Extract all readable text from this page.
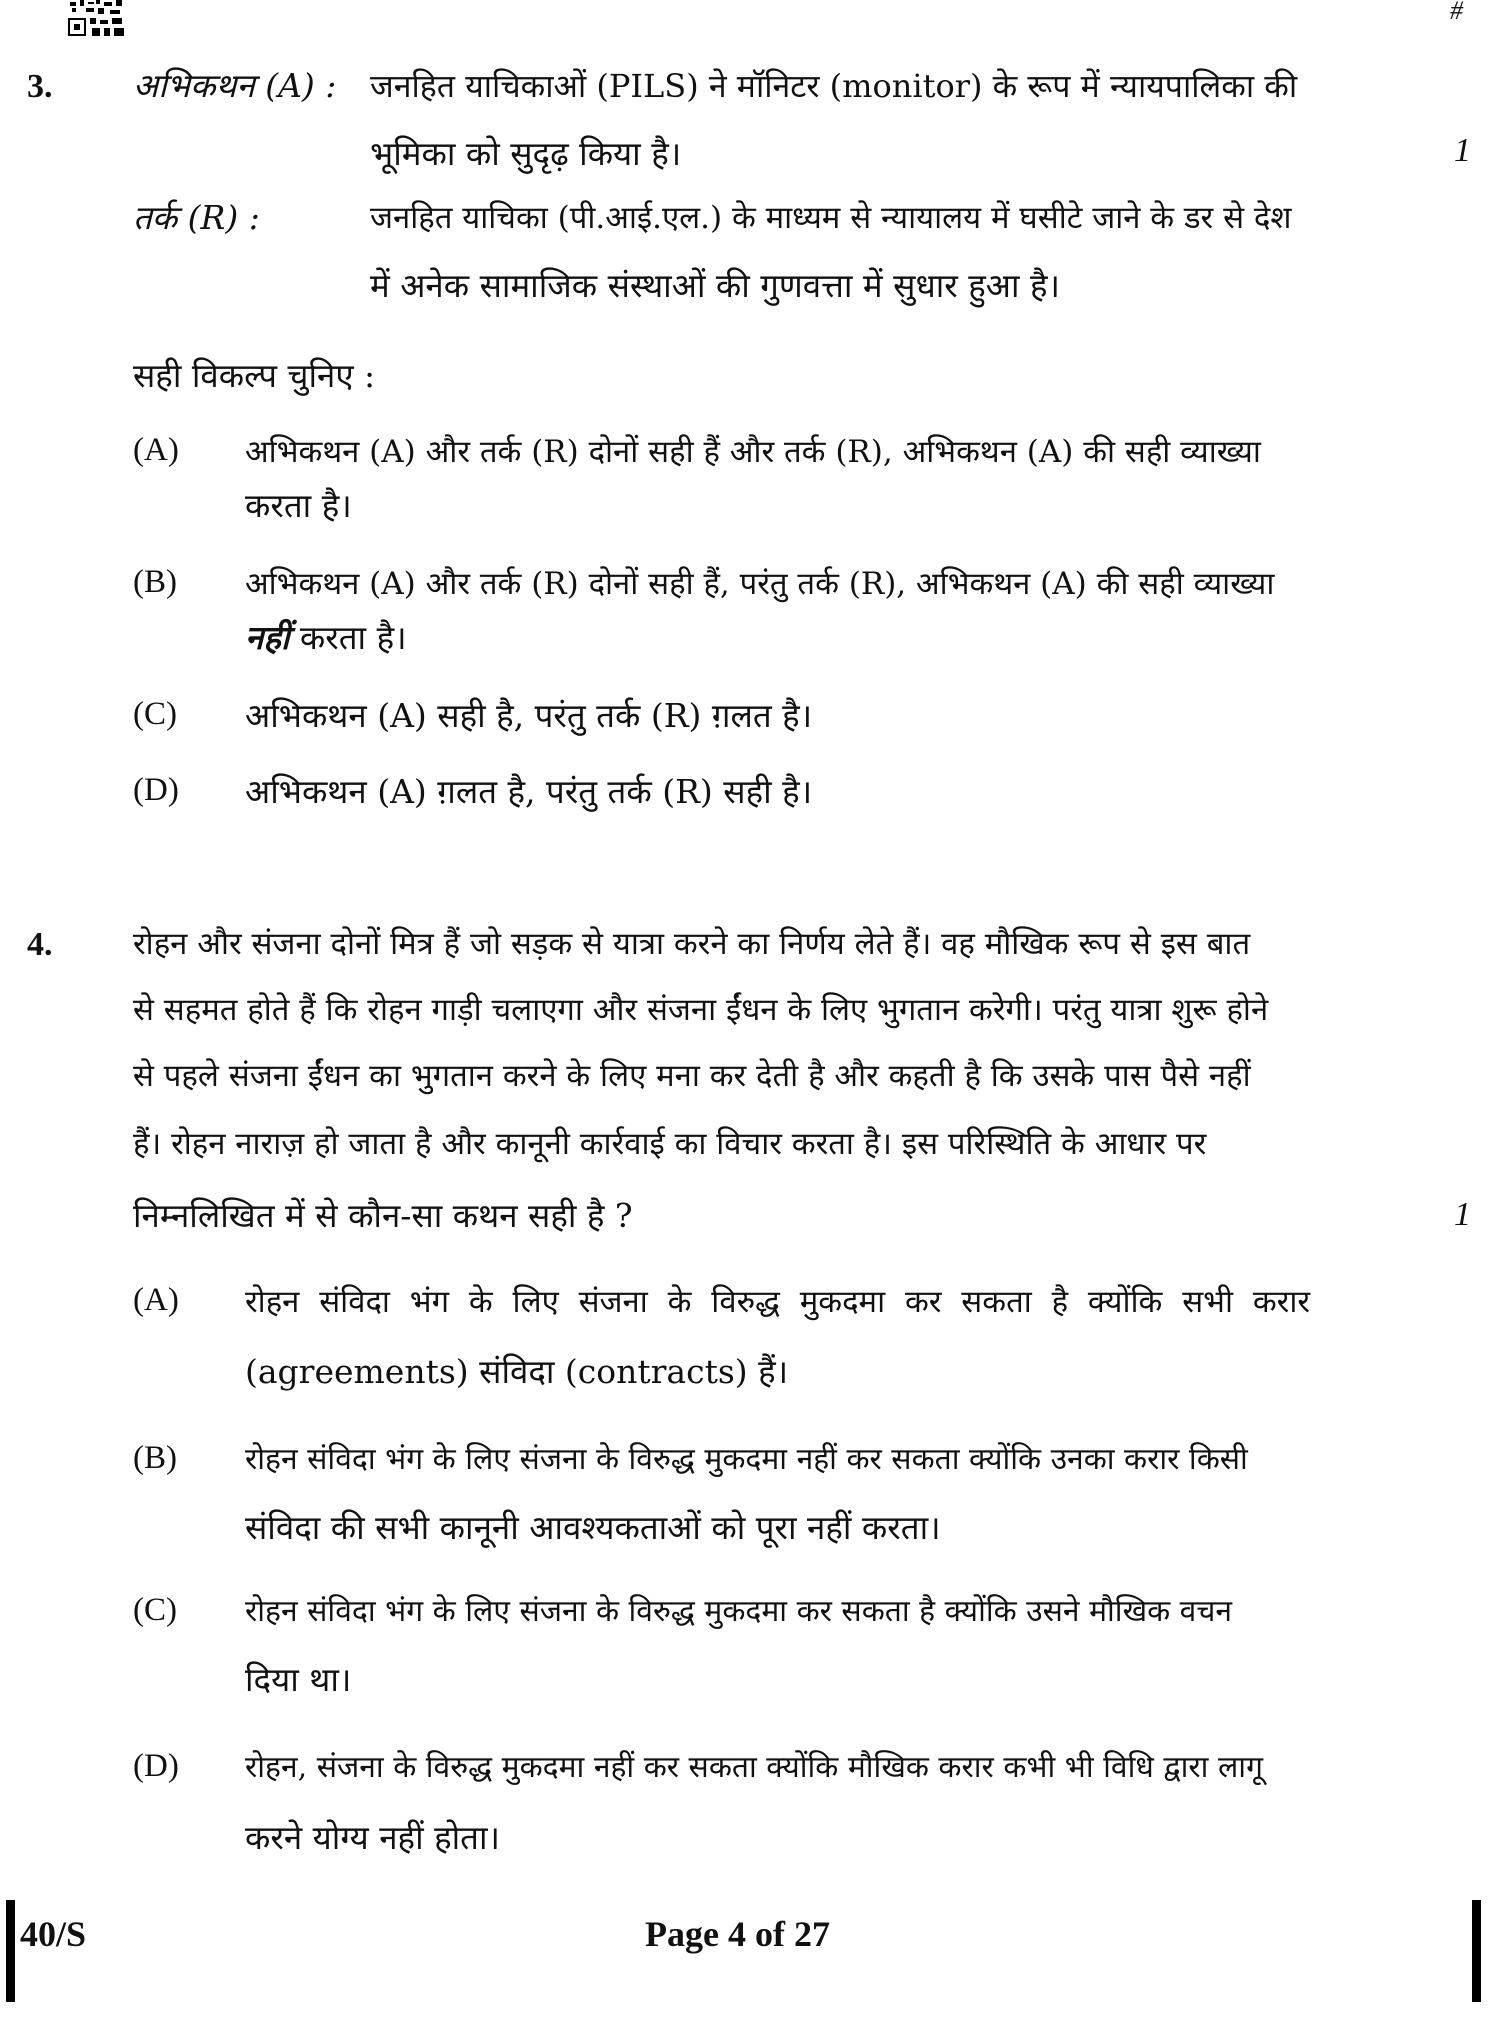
#
3. अभिकथन (A) : जनहित याचिकाओं (PILS) ने मॉनिटर (monitor) के रूप में न्यायपालिका की
भूमिका को सुदृढ़ किया है।	1
तर्क (R) :	जनहित याचिका (पी.आई.एल.) के माध्यम से न्यायालय में घसीटे जाने के डर से देश
में अनेक सामाजिक संस्थाओं की गुणवत्ता में सुधार हुआ है।
सही विकल्प चुनिए :
(A) अभिकथन (A) और तर्क (R) दोनों सही हैं और तर्क (R), अभिकथन (A) की सही व्याख्या
करता है।
(B) अभिकथन (A) और तर्क (R) दोनों सही हैं, परंतु तर्क (R), अभिकथन (A) की सही व्याख्या
नहीं करता है।
(C) अभिकथन (A) सही है, परंतु तर्क (R) ग़लत है।
(D) अभिकथन (A) ग़लत है, परंतु तर्क (R) सही है।
4.	रोहन और संजना दोनों मित्र हैं जो सड़क से यात्रा करने का निर्णय लेते हैं। वह मौखिक रूप से इस बात
से सहमत होते हैं कि रोहन गाड़ी चलाएगा और संजना ईंधन के लिए भुगतान करेगी। परंतु यात्रा शुरू होने
से पहले संजना ईंधन का भुगतान करने के लिए मना कर देती है और कहती है कि उसके पास पैसे नहीं
हैं। रोहन नाराज़ हो जाता है और कानूनी कार्रवाई का विचार करता है। इस परिस्थिति के आधार पर
निम्नलिखित में से कौन-सा कथन सही है ?	1
(A) रोहन संविदा भंग के लिए संजना के विरुद्ध मुकदमा कर सकता है क्योंकि सभी करार
(agreements) संविदा (contracts) हैं।
(B) रोहन संविदा भंग के लिए संजना के विरुद्ध मुकदमा नहीं कर सकता क्योंकि उनका करार किसी
संविदा की सभी कानूनी आवश्यकताओं को पूरा नहीं करता।
(C) रोहन संविदा भंग के लिए संजना के विरुद्ध मुकदमा कर सकता है क्योंकि उसने मौखिक वचन
दिया था।
(D) रोहन, संजना के विरुद्ध मुकदमा नहीं कर सकता क्योंकि मौखिक करार कभी भी विधि द्वारा लागू
करने योग्य नहीं होता।
40/S	Page 4 of 27
